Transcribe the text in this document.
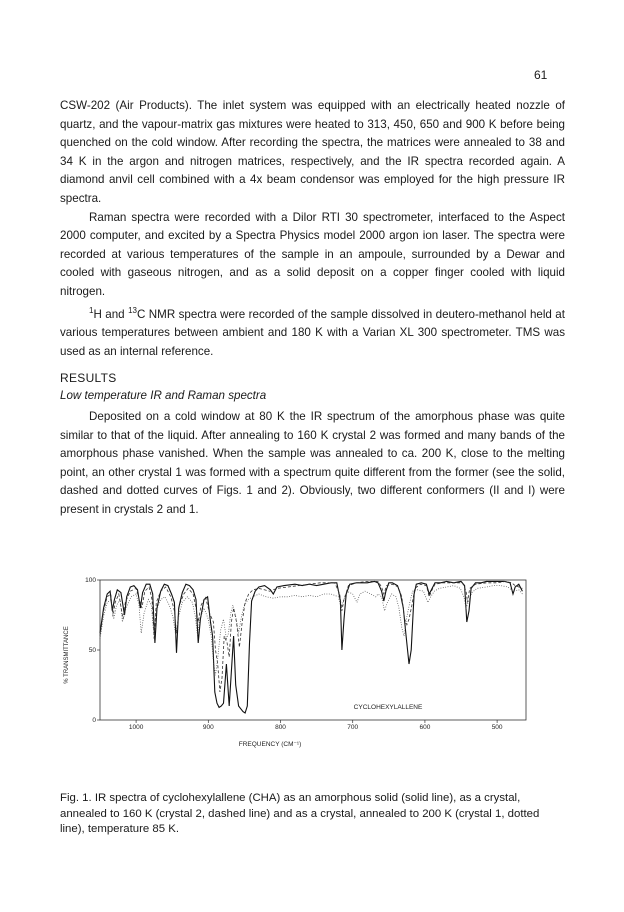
61

CSW-202 (Air Products). The inlet system was equipped with an electrically heated nozzle of quartz, and the vapour-matrix gas mixtures were heated to 313, 450, 650 and 900 K before being quenched on the cold window. After recording the spectra, the matrices were annealed to 38 and 34 K in the argon and nitrogen matrices, respectively, and the IR spectra recorded again. A diamond anvil cell combined with a 4x beam condensor was employed for the high pressure IR spectra.

Raman spectra were recorded with a Dilor RTI 30 spectrometer, interfaced to the Aspect 2000 computer, and excited by a Spectra Physics model 2000 argon ion laser. The spectra were recorded at various temperatures of the sample in an ampoule, surrounded by a Dewar and cooled with gaseous nitrogen, and as a solid deposit on a copper finger cooled with liquid nitrogen.

$^1$H and $^{13}$C NMR spectra were recorded of the sample dissolved in deutero-methanol held at various temperatures between ambient and 180 K with a Varian XL 300 spectrometer. TMS was used as an internal reference.

RESULTS
Low temperature IR and Raman spectra

Deposited on a cold window at 80 K the IR spectrum of the amorphous phase was quite similar to that of the liquid. After annealing to 160 K crystal 2 was formed and many bands of the amorphous phase vanished. When the sample was annealed to ca. 200 K, close to the melting point, an other crystal 1 was formed with a spectrum quite different from the former (see the solid, dashed and dotted curves of Figs. 1 and 2). Obviously, two different conformers (II and I) were present in crystals 2 and 1.

1000	900	800	700	600	500
0
50
100
% TRANSMITTANCE
FREQUENCY (CM⁻¹)
CYCLOHEXYLALLENE

Fig. 1. IR spectra of cyclohexylallene (CHA) as an amorphous solid (solid line), as a crystal, annealed to 160 K (crystal 2, dashed line) and as a crystal, annealed to 200 K (crystal 1, dotted line), temperature 85 K.
